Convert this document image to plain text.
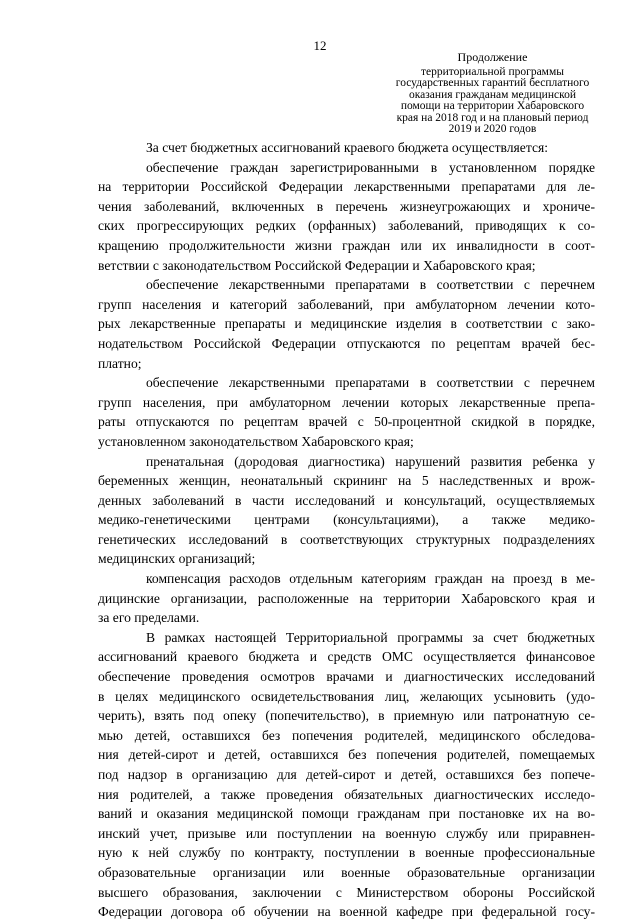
12
Продолжение
территориальной программы
государственных гарантий бесплатного
оказания гражданам медицинской
помощи на территории Хабаровского
края на 2018 год и на плановый период
2019 и 2020 годов
За счет бюджетных ассигнований краевого бюджета осуществляется:
обеспечение граждан зарегистрированными в установленном порядке
на территории Российской Федерации лекарственными препаратами для ле-
чения заболеваний, включенных в перечень жизнеугрожающих и хрониче-
ских прогрессирующих редких (орфанных) заболеваний, приводящих к со-
кращению продолжительности жизни граждан или их инвалидности в соот-
ветствии с законодательством Российской Федерации и Хабаровского края;
обеспечение лекарственными препаратами в соответствии с перечнем
групп населения и категорий заболеваний, при амбулаторном лечении кото-
рых лекарственные препараты и медицинские изделия в соответствии с зако-
нодательством Российской Федерации отпускаются по рецептам врачей бес-
платно;
обеспечение лекарственными препаратами в соответствии с перечнем
групп населения, при амбулаторном лечении которых лекарственные препа-
раты отпускаются по рецептам врачей с 50-процентной скидкой в порядке,
установленном законодательством Хабаровского края;
пренатальная (дородовая диагностика) нарушений развития ребенка у
беременных женщин, неонатальный скрининг на 5 наследственных и врож-
денных заболеваний в части исследований и консультаций, осуществляемых
медико-генетическими центрами (консультациями), а также медико-
генетических исследований в соответствующих структурных подразделениях
медицинских организаций;
компенсация расходов отдельным категориям граждан на проезд в ме-
дицинские организации, расположенные на территории Хабаровского края и
за его пределами.
В рамках настоящей Территориальной программы за счет бюджетных
ассигнований краевого бюджета и средств ОМС осуществляется финансовое
обеспечение проведения осмотров врачами и диагностических исследований
в целях медицинского освидетельствования лиц, желающих усыновить (удо-
черить), взять под опеку (попечительство), в приемную или патронатную се-
мью детей, оставшихся без попечения родителей, медицинского обследова-
ния детей-сирот и детей, оставшихся без попечения родителей, помещаемых
под надзор в организацию для детей-сирот и детей, оставшихся без попече-
ния родителей, а также проведения обязательных диагностических исследо-
ваний и оказания медицинской помощи гражданам при постановке их на во-
инский учет, призыве или поступлении на военную службу или приравнен-
ную к ней службу по контракту, поступлении в военные профессиональные
образовательные организации или военные образовательные организации
высшего образования, заключении с Министерством обороны Российской
Федерации договора об обучении на военной кафедре при федеральной госу-
